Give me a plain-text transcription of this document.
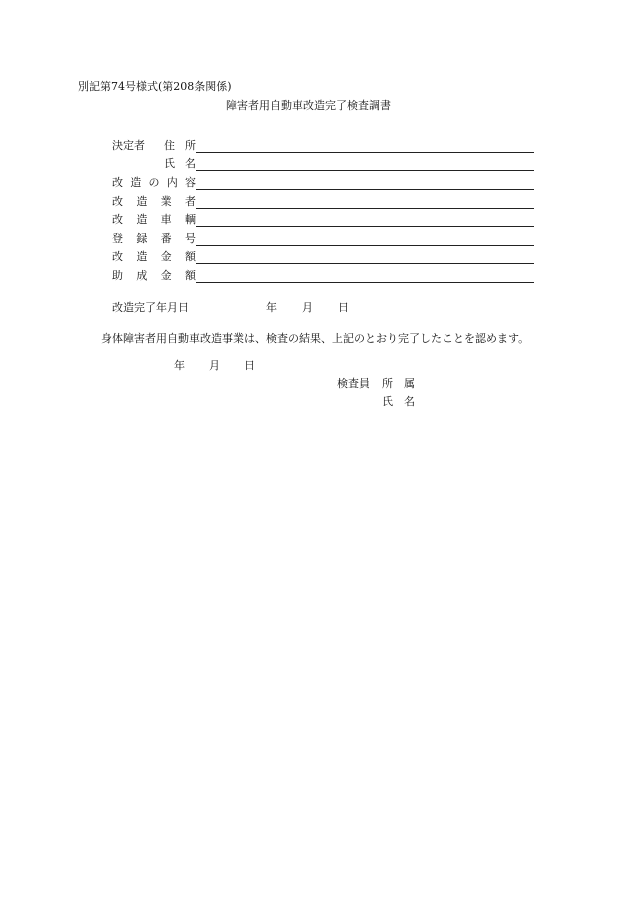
別記第74号様式(第208条関係)
障害者用自動車改造完了検査調書
決定者 住 所
氏 名
改 造 の 内 容
改 造 業 者
改 造 車 輌
登 録 番 号
改 造 金 額
助 成 金 額
改造完了年月日	年 月 日
身体障害者用自動車改造事業は、検査の結果、上記のとおり完了したことを認めます。
年 月 日
検査員 所　属
氏　名
